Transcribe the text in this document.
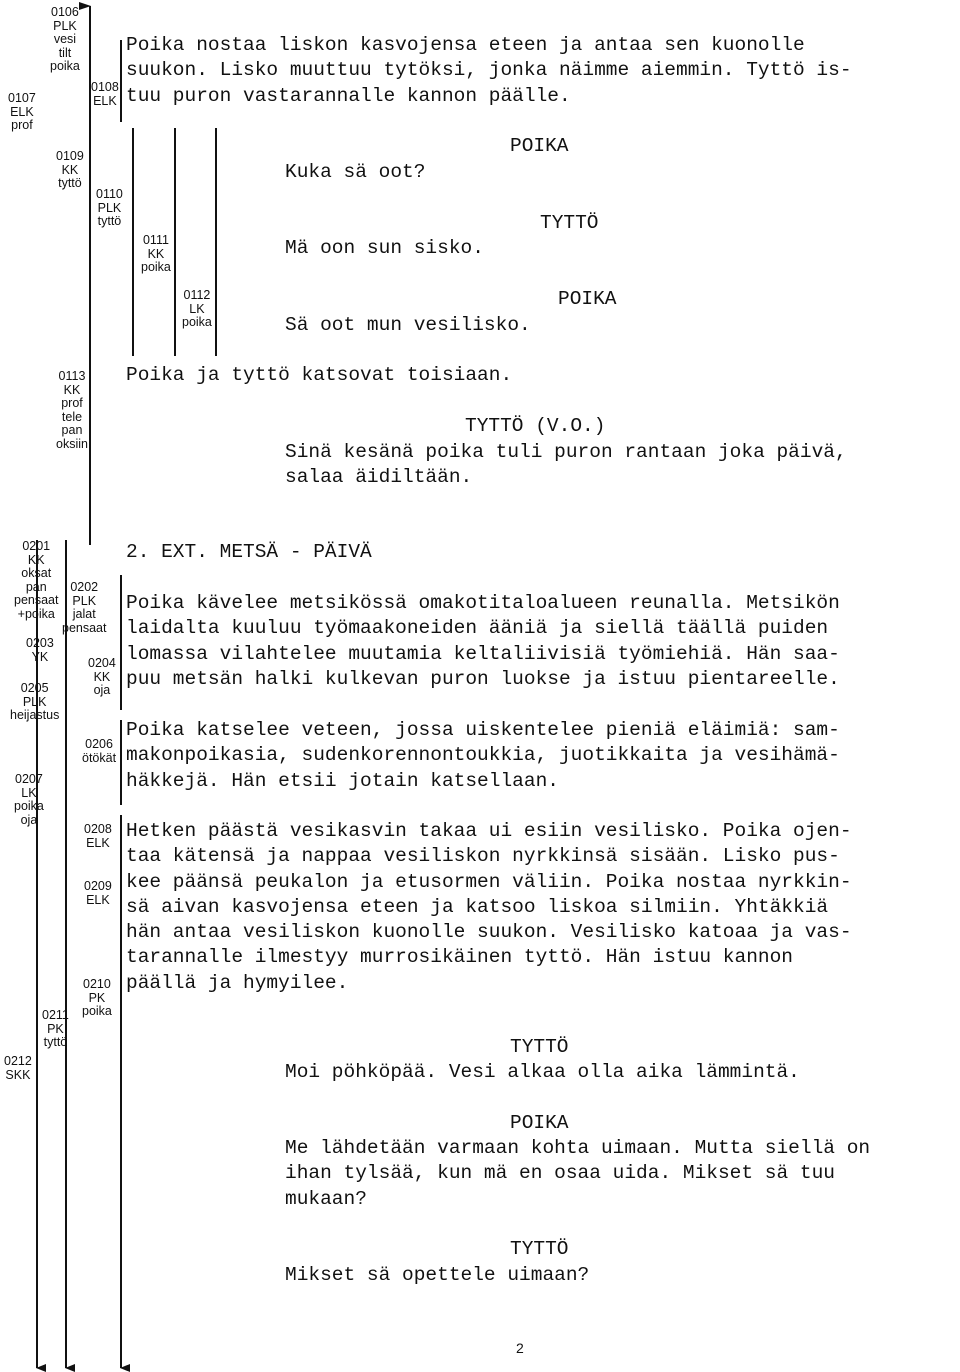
0106
PLK
vesi
tilt
poika
0107
ELK
prof
0108
ELK
0109
KK
tyttö
0110
PLK
tyttö
0111
KK
poika
0112
LK
poika
0113
KK
prof
tele
pan
oksiin
0201
KK
oksat
pan
pensaat
+poika
0202
PLK
jalat
pensaat
0203
YK	0204
KK
oja
0205
PLK
heijastus
0206
ötökät
0207
LK
poika
oja
0208
ELK
0209
ELK
0210
PK
poika
0211
PK
tyttö
0212
SKK
Poika nostaa liskon kasvojensa eteen ja antaa sen kuonolle
suukon. Lisko muuttuu tytöksi, jonka näimme aiemmin. Tyttö is-
tuu puron vastarannalle kannon päälle.
POIKA
Kuka sä oot?
TYTTÖ
Mä oon sun sisko.
POIKA
Sä oot mun vesilisko.
Poika ja tyttö katsovat toisiaan.
TYTTÖ (V.O.)
Sinä kesänä poika tuli puron rantaan joka päivä,
salaa äidiltään.
2. EXT. METSÄ - PÄIVÄ
Poika kävelee metsikössä omakotitaloalueen reunalla. Metsikön
laidalta kuuluu työmaakoneiden ääniä ja siellä täällä puiden
lomassa vilahtelee muutamia keltaliivisiä työmiehiä. Hän saa-
puu metsän halki kulkevan puron luokse ja istuu pientareelle.
Poika katselee veteen, jossa uiskentelee pieniä eläimiä: sam-
makonpoikasia, sudenkorennontoukkia, juotikkaita ja vesihämä-
häkkejä. Hän etsii jotain katsellaan.
Hetken päästä vesikasvin takaa ui esiin vesilisko. Poika ojen-
taa kätensä ja nappaa vesiliskon nyrkkinsä sisään. Lisko pus-
kee päänsä peukalon ja etusormen väliin. Poika nostaa nyrkkin-
sä aivan kasvojensa eteen ja katsoo liskoa silmiin. Yhtäkkiä
hän antaa vesiliskon kuonolle suukon. Vesilisko katoaa ja vas-
tarannalle ilmestyy murrosikäinen tyttö. Hän istuu kannon
päällä ja hymyilee.
TYTTÖ
Moi pöhköpää. Vesi alkaa olla aika lämmintä.
POIKA
Me lähdetään varmaan kohta uimaan. Mutta siellä on
ihan tylsää, kun mä en osaa uida. Mikset sä tuu
mukaan?
TYTTÖ
Mikset sä opettele uimaan?
2
